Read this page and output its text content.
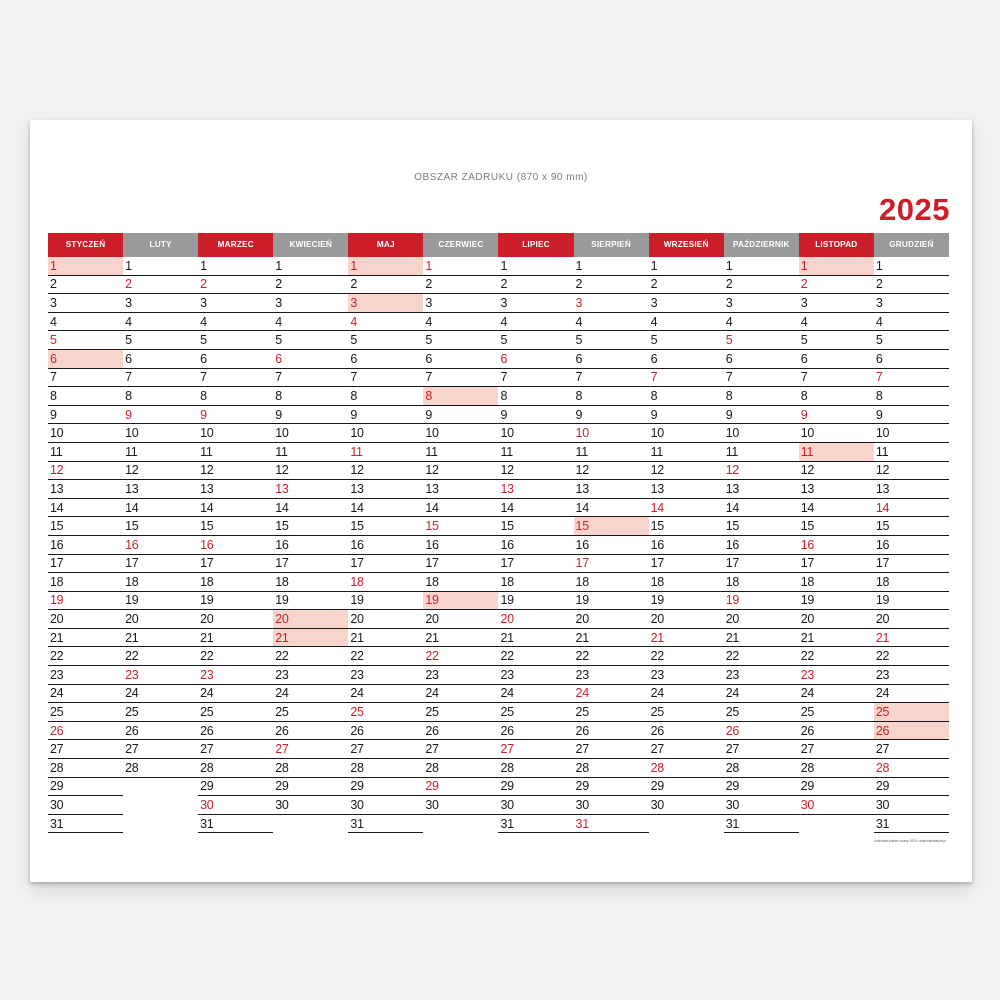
OBSZAR ZADRUKU (870 x 90 mm)
2025
STYCZEŃ
1
2
3
4
5
6
7
8
9
10
11
12
13
14
15
16
17
18
19
20
21
22
23
24
25
26
27
28
29
30
31
LUTY
1
2
3
4
5
6
7
8
9
10
11
12
13
14
15
16
17
18
19
20
21
22
23
24
25
26
27
28
MARZEC
1
2
3
4
5
6
7
8
9
10
11
12
13
14
15
16
17
18
19
20
21
22
23
24
25
26
27
28
29
30
31
KWIECIEŃ
1
2
3
4
5
6
7
8
9
10
11
12
13
14
15
16
17
18
19
20
21
22
23
24
25
26
27
28
29
30
MAJ
1
2
3
4
5
6
7
8
9
10
11
12
13
14
15
16
17
18
19
20
21
22
23
24
25
26
27
28
29
30
31
CZERWIEC
1
2
3
4
5
6
7
8
9
10
11
12
13
14
15
16
17
18
19
20
21
22
23
24
25
26
27
28
29
30
LIPIEC
1
2
3
4
5
6
7
8
9
10
11
12
13
14
15
16
17
18
19
20
21
22
23
24
25
26
27
28
29
30
31
SIERPIEŃ
1
2
3
4
5
6
7
8
9
10
11
12
13
14
15
16
17
18
19
20
21
22
23
24
25
26
27
28
29
30
31
WRZESIEŃ
1
2
3
4
5
6
7
8
9
10
11
12
13
14
15
16
17
18
19
20
21
22
23
24
25
26
27
28
29
30
PAŹDZIERNIK
1
2
3
4
5
6
7
8
9
10
11
12
13
14
15
16
17
18
19
20
21
22
23
24
25
26
27
28
29
30
31
LISTOPAD
1
2
3
4
5
6
7
8
9
10
11
12
13
14
15
16
17
18
19
20
21
22
23
24
25
26
27
28
29
30
GRUDZIEŃ
1
2
3
4
5
6
7
8
9
10
11
12
13
14
15
16
17
18
19
20
21
22
23
24
25
26
27
28
29
30
31
Kalendarz planer roczny 2025 • www.kalendarze.pl
